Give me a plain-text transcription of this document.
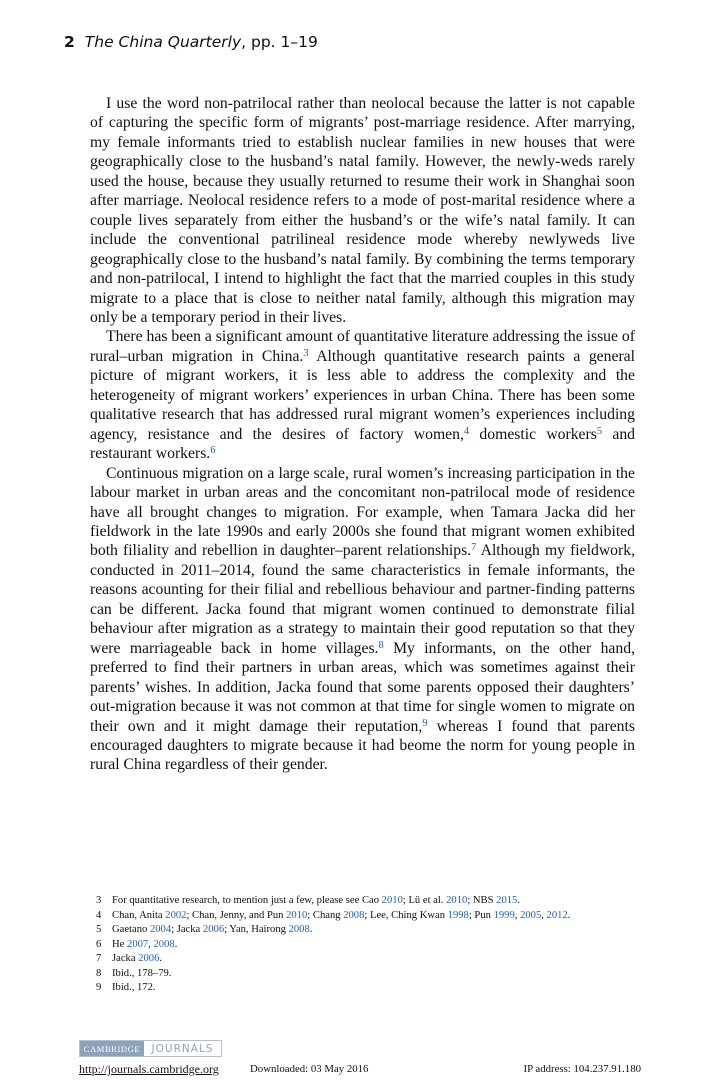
2 The China Quarterly, pp. 1–19

I use the word non-patrilocal rather than neolocal because the latter is not capable of capturing the specific form of migrants’ post-marriage residence. After marrying, my female informants tried to establish nuclear families in new houses that were geographically close to the husband’s natal family. However, the newly-weds rarely used the house, because they usually returned to resume their work in Shanghai soon after marriage. Neolocal residence refers to a mode of post-marital residence where a couple lives separately from either the husband’s or the wife’s natal family. It can include the conventional patrilineal residence mode whereby newlyweds live geographically close to the husband’s natal family. By combining the terms temporary and non-patrilocal, I intend to highlight the fact that the married couples in this study migrate to a place that is close to neither natal family, although this migration may only be a temporary period in their lives.

There has been a significant amount of quantitative literature addressing the issue of rural–urban migration in China.$^3$ Although quantitative research paints a general picture of migrant workers, it is less able to address the complexity and the heterogeneity of migrant workers’ experiences in urban China. There has been some qualitative research that has addressed rural migrant women’s experiences including agency, resistance and the desires of factory women,$^4$ domestic workers$^5$ and restaurant workers.$^6$

Continuous migration on a large scale, rural women’s increasing participation in the labour market in urban areas and the concomitant non-patrilocal mode of residence have all brought changes to migration. For example, when Tamara Jacka did her fieldwork in the late 1990s and early 2000s she found that migrant women exhibited both filiality and rebellion in daughter–parent relationships.$^7$ Although my fieldwork, conducted in 2011–2014, found the same characteristics in female informants, the reasons acounting for their filial and rebellious behaviour and partner-finding patterns can be different. Jacka found that migrant women continued to demonstrate filial behaviour after migration as a strategy to maintain their good reputation so that they were marriageable back in home villages.$^8$ My informants, on the other hand, preferred to find their partners in urban areas, which was sometimes against their parents’ wishes. In addition, Jacka found that some parents opposed their daughters’ out-migration because it was not common at that time for single women to migrate on their own and it might damage their reputation,$^9$ whereas I found that parents encouraged daughters to migrate because it had beome the norm for young people in rural China regardless of their gender.

3 For quantitative research, to mention just a few, please see Cao 2010; Lü et al. 2010; NBS 2015.
4 Chan, Anita 2002; Chan, Jenny, and Pun 2010; Chang 2008; Lee, Ching Kwan 1998; Pun 1999, 2005, 2012.
5 Gaetano 2004; Jacka 2006; Yan, Hairong 2008.
6 He 2007, 2008.
7 Jacka 2006.
8 Ibid., 178–79.
9 Ibid., 172.
CAMBRIDGE	JOURNALS
http://journals.cambridge.org	Downloaded: 03 May 2016	IP address: 104.237.91.180
